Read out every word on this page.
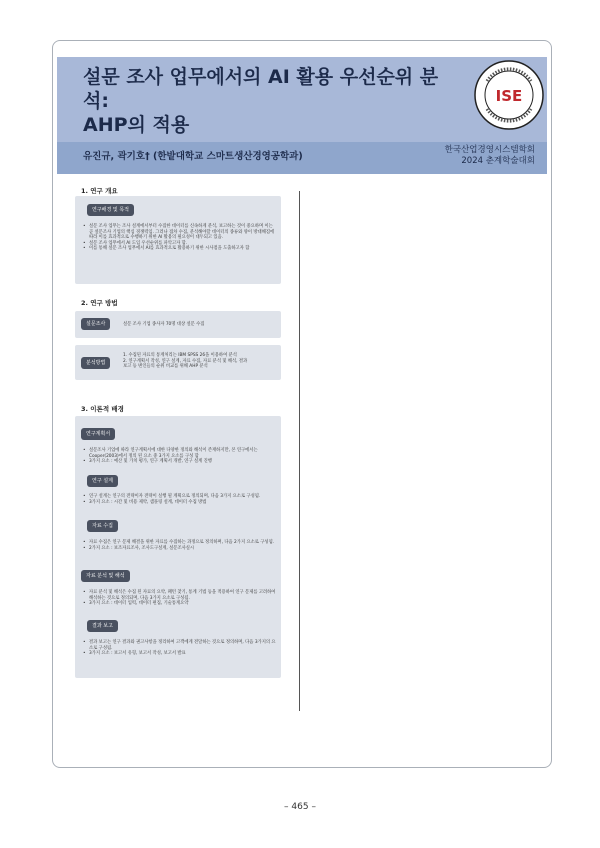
설문 조사 업무에서의 AI 활용 우선순위 분석:
AHP의 적용
ISE
유진규, 곽기호† (한밭대학교 스마트생산경영공학과)
한국산업경영시스템학회
2024 춘계학술대회
1. 연구 개요
연구배경 및 목적
• 설문 조사 업무는 조사 설계에서부터 수집한 데이터를 신속하게 분석, 보고하는 것이 중요하며 이는 곧 설문조사 기업의 핵심 경쟁력임. 그러나 접차 수집, 분석해야할 데이터의 종류와 양이 방대해짐에 따라 이를 효과적으로 수행하기 위한 AI 활용의 필요성이 대두되고 있음.
• 설문 조사 업무에서 AI 도입 우선순위를 파악고자 함.
• 이를 통해 설문 조사 업무에서 AI를 효과적으로 활용하기 위한 시사점을 도출하고자 함
2. 연구 방법
설문조사	설문 조사 기업 종사자 70명 대상 설문 수집
분석방법
1. 수집된 자료의 통계처리는 IBM SPSS 26을 이용하여 분석
2. 연구계획서 작성, 연구 설계, 자료 수집, 자료 분석 및 해석, 결과
보고 등 변인들의 순위 비교를 위해 AHP 분석
3. 이론적 배경
연구계획서
• 설문조사 기업에 따라 연구계획서에 대한 다양한 정의와 해석이 존재하지만, 본 연구에서는 Cooper(2003)에서 정의 된 요소 중 3가지 요소를 구성 함
• 3가지 요소 : 예산 및 가치 평가, 연구 계획서 개발, 연구 설계 진행
연구 설계
• 연구 설계는 연구의 전략이자 전략이 실행 될 계획으로 정의되며, 다음 3가지 요소로 구성됨.
• 3가지 요소 : 시간 및 비용 제약, 샘플링 설계, 데이터 수집 방법
자료 수집
• 자료 수집은 연구 문제 해결을 위한 자료를 수집하는 과정으로 정의하며, 다음 2가지 요소로 구성됨.
• 2가지 요소 : 보조자료조사, 조사도구설계, 설문조사실시
자료 분석 및 해석
• 자료 분석 및 해석은 수집 된 자료의 요약, 패턴 찾기, 통계 기법 등을 적용하여 연구 문제를 고려하여 해석하는 것으로 정의되며, 다음 3가지 요소로 구성됨.
• 3가지 요소 : 데이터 입력, 데이터 편집, 기술통계요약
결과 보고
• 결과 보고는 연구 결과와 권고사항을 정리하여 고객에게 전달하는 것으로 정의하며, 다음 3가지의 요소로 구성됨.
• 3가지 요소 : 보고서 유형, 보고서 작성, 보고서 발표
– 465 –
